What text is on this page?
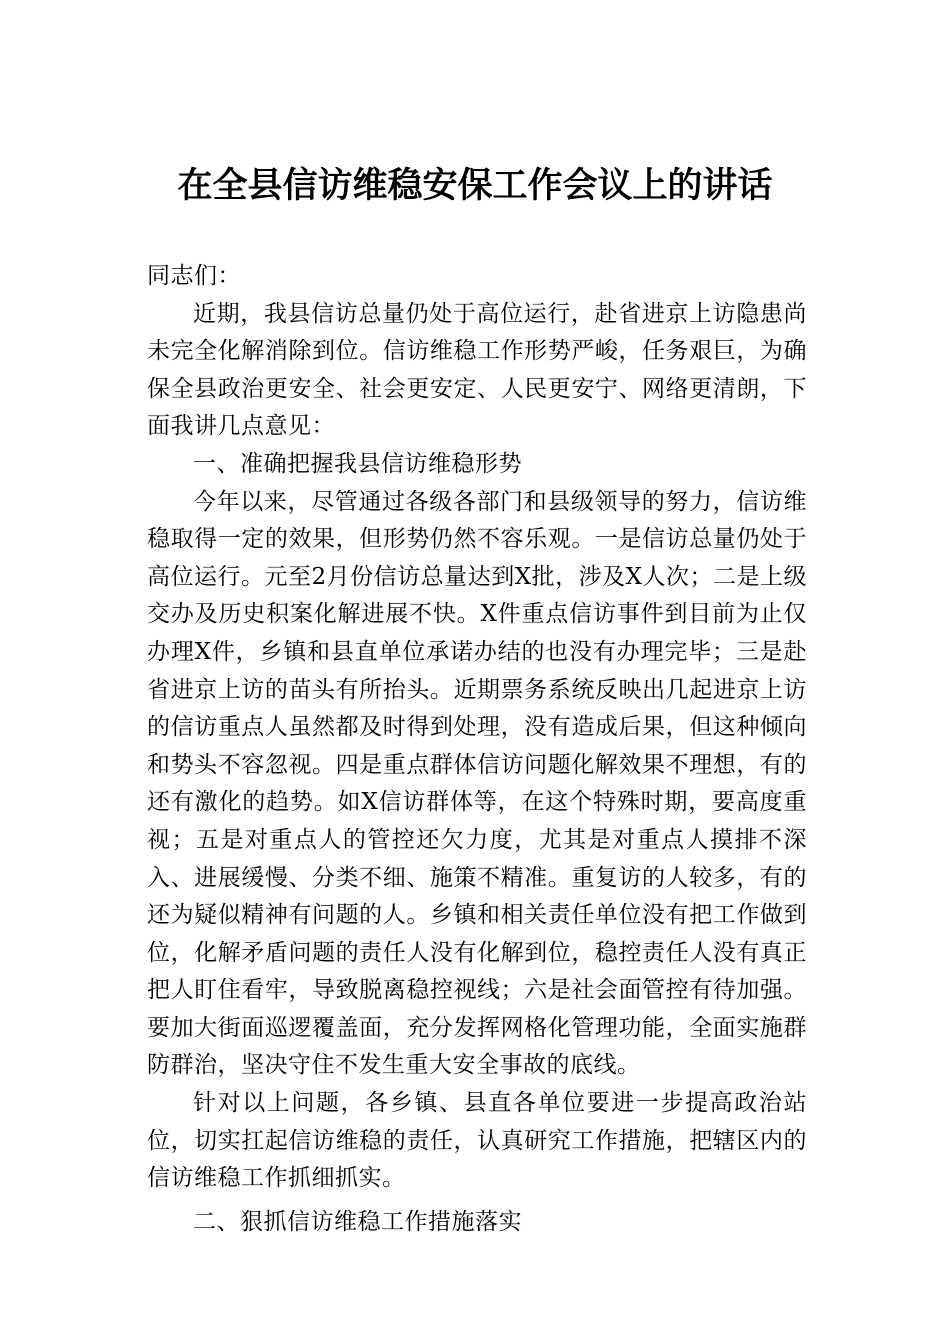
在全县信访维稳安保工作会议上的讲话

同志们：

近期，我县信访总量仍处于高位运行，赴省进京上访隐患尚未完全化解消除到位。信访维稳工作形势严峻，任务艰巨，为确保全县政治更安全、社会更安定、人民更安宁、网络更清朗，下面我讲几点意见：

一、准确把握我县信访维稳形势

今年以来，尽管通过各级各部门和县级领导的努力，信访维稳取得一定的效果，但形势仍然不容乐观。一是信访总量仍处于高位运行。元至2月份信访总量达到X批，涉及X人次；二是上级交办及历史积案化解进展不快。X件重点信访事件到目前为止仅办理X件，乡镇和县直单位承诺办结的也没有办理完毕；三是赴省进京上访的苗头有所抬头。近期票务系统反映出几起进京上访的信访重点人虽然都及时得到处理，没有造成后果，但这种倾向和势头不容忽视。四是重点群体信访问题化解效果不理想，有的还有激化的趋势。如X信访群体等，在这个特殊时期，要高度重视；五是对重点人的管控还欠力度，尤其是对重点人摸排不深入、进展缓慢、分类不细、施策不精准。重复访的人较多，有的还为疑似精神有问题的人。乡镇和相关责任单位没有把工作做到位，化解矛盾问题的责任人没有化解到位，稳控责任人没有真正把人盯住看牢，导致脱离稳控视线；六是社会面管控有待加强。要加大街面巡逻覆盖面，充分发挥网格化管理功能，全面实施群防群治，坚决守住不发生重大安全事故的底线。

针对以上问题，各乡镇、县直各单位要进一步提高政治站位，切实扛起信访维稳的责任，认真研究工作措施，把辖区内的信访维稳工作抓细抓实。

二、狠抓信访维稳工作措施落实
